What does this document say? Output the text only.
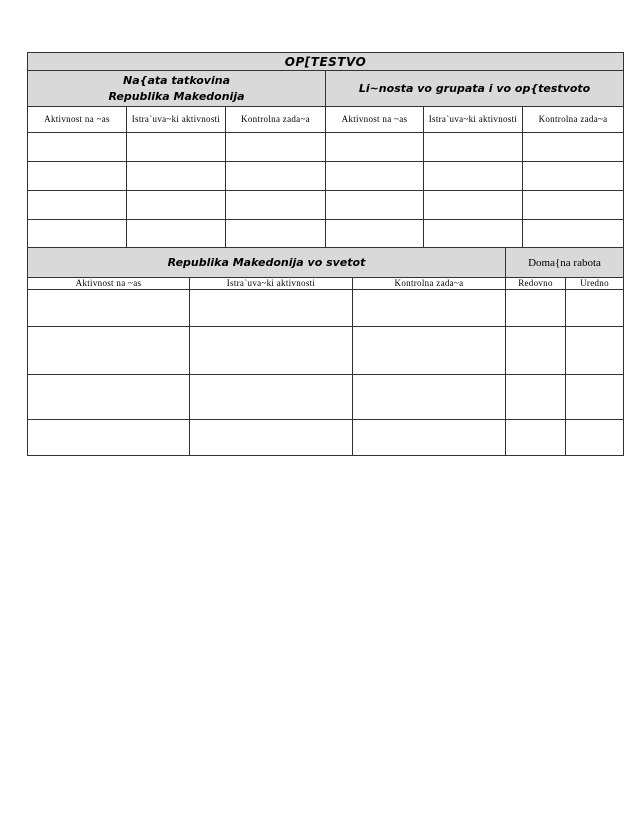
OP[TESTVO					

Na{ata tatkovina
Republika Makedonija			Li~nosta vo grupata i vo op{testvoto		
Aktivnost na ~as	Istra`uva~ki aktivnosti	Kontrolna zada~a	Aktivnost na ~as	Istra`uva~ki aktivnosti	Kontrolna zada~a

Republika Makedonija vo svetot			Doma{na rabota	
Aktivnost na ~as	Istra`uva~ki aktivnosti	Kontrolna zada~a	Redovno	Uredno
